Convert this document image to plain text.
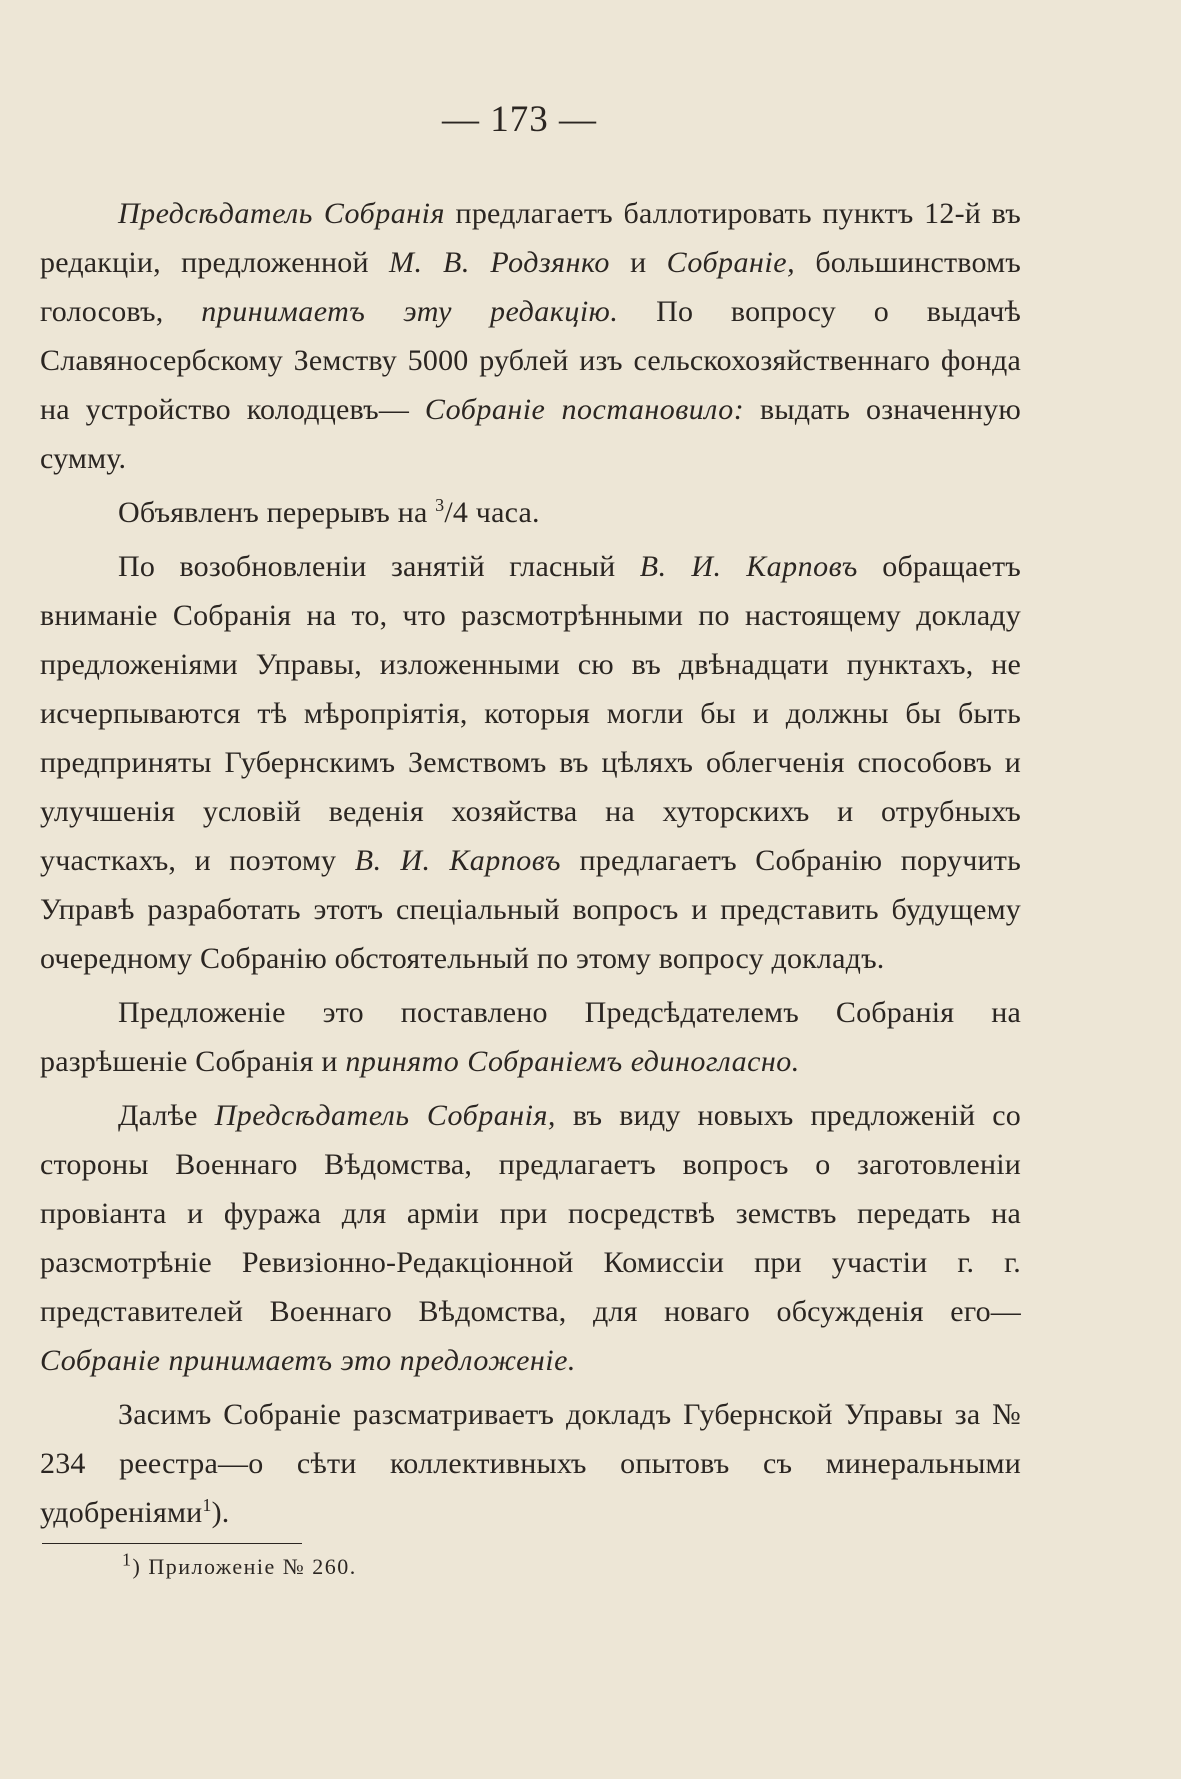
— 173 —

Предсѣдатель Собранія предлагаетъ баллотировать пунктъ 12-й въ редакціи, предложенной М. В. Родзянко и Собраніе, большинствомъ голосовъ, принимаетъ эту редакцію. По вопросу о выдачѣ Славяносербскому Земству 5000 рублей изъ сельскохозяйственнаго фонда на устройство колодцевъ— Собраніе постановило: выдать означенную сумму.

Объявленъ перерывъ на $^3$/4 часа.

По возобновленіи занятій гласный В. И. Карповъ обращаетъ вниманіе Собранія на то, что разсмотрѣнными по настоящему докладу предложеніями Управы, изложенными сю въ двѣнадцати пунктахъ, не исчерпываются тѣ мѣропріятія, которыя могли бы и должны бы быть предприняты Губернскимъ Земствомъ въ цѣляхъ облегченія способовъ и улучшенія условій веденія хозяйства на хуторскихъ и отрубныхъ участкахъ, и поэтому В. И. Карповъ предлагаетъ Собранію поручить Управѣ разработать этотъ спеціальный вопросъ и представить будущему очередному Собранію обстоятельный по этому вопросу докладъ.

Предложеніе это поставлено Предсѣдателемъ Собранія на разрѣшеніе Собранія и принято Собраніемъ единогласно.

Далѣе Предсѣдатель Собранія, въ виду новыхъ предложеній со стороны Военнаго Вѣдомства, предлагаетъ вопросъ о заготовленіи провіанта и фуража для арміи при посредствѣ земствъ передать на разсмотрѣніе Ревизіонно-Редакціонной Комиссіи при участіи г. г. представителей Военнаго Вѣдомства, для новаго обсужденія его—Собраніе принимаетъ это предложеніе.

Засимъ Собраніе разсматриваетъ докладъ Губернской Управы за № 234 реестра—о сѣти коллективныхъ опытовъ съ минеральными удобреніями$^1$).

$^1$) Приложеніе № 260.
